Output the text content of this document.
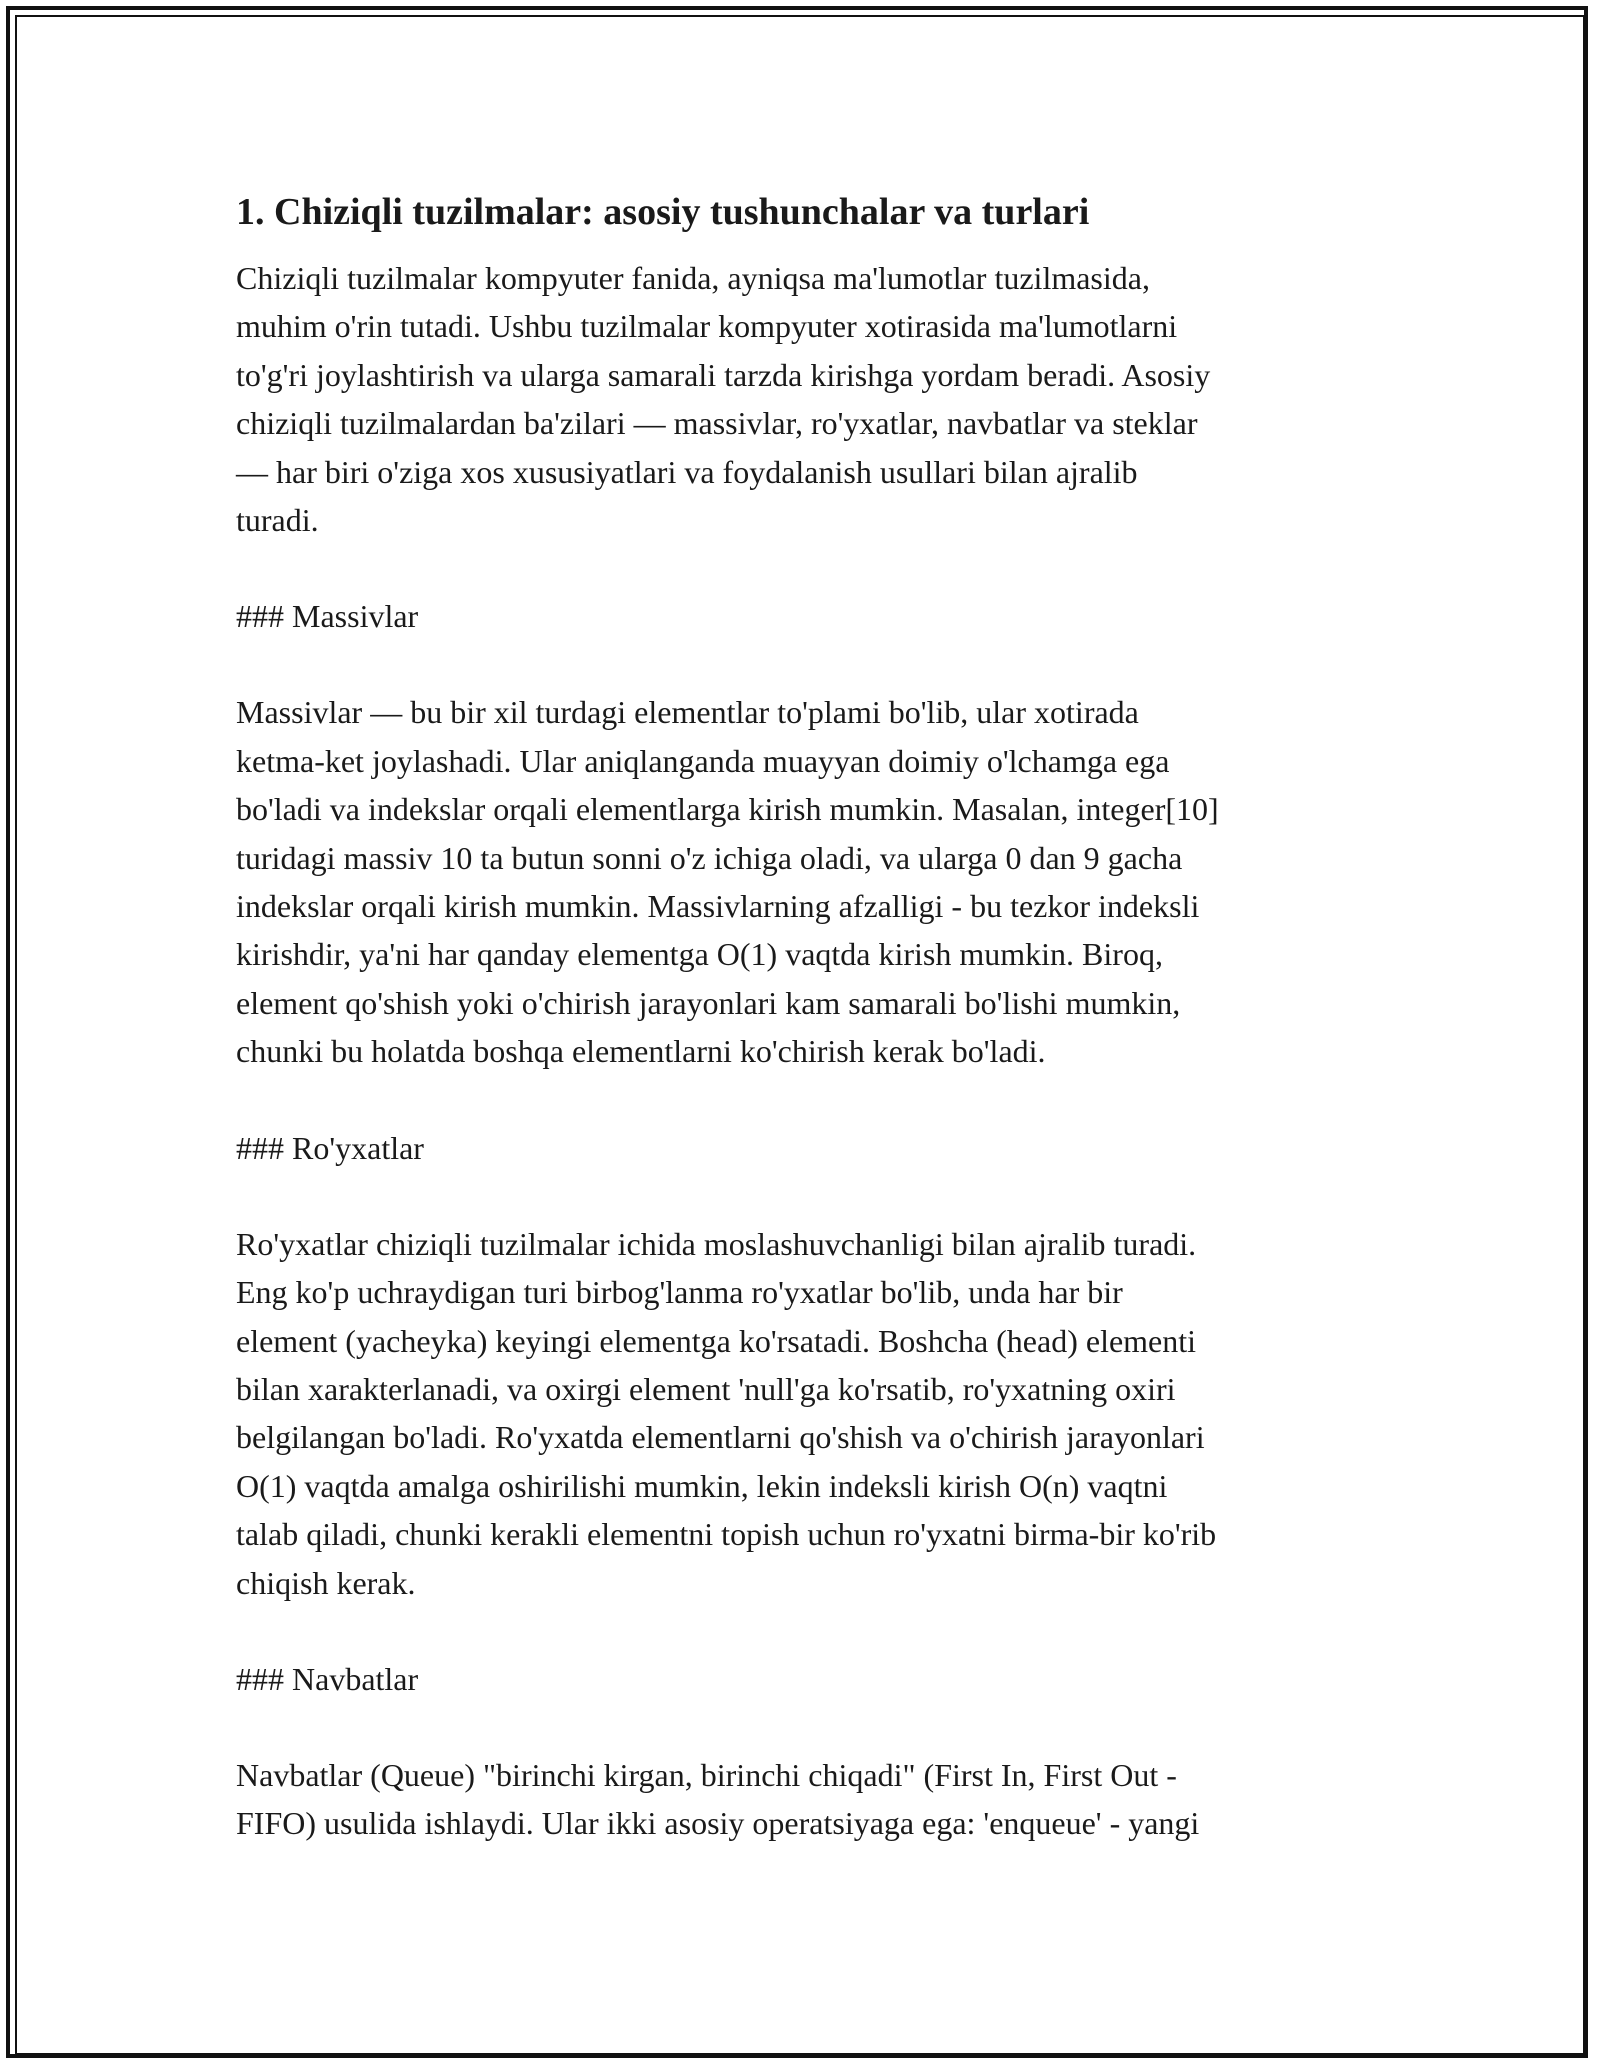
1. Chiziqli tuzilmalar: asosiy tushunchalar va turlari

Chiziqli tuzilmalar kompyuter fanida, ayniqsa ma'lumotlar tuzilmasida,
muhim o'rin tutadi. Ushbu tuzilmalar kompyuter xotirasida ma'lumotlarni
to'g'ri joylashtirish va ularga samarali tarzda kirishga yordam beradi. Asosiy
chiziqli tuzilmalardan ba'zilari — massivlar, ro'yxatlar, navbatlar va steklar
— har biri o'ziga xos xususiyatlari va foydalanish usullari bilan ajralib
turadi.

### Massivlar

Massivlar — bu bir xil turdagi elementlar to'plami bo'lib, ular xotirada
ketma-ket joylashadi. Ular aniqlanganda muayyan doimiy o'lchamga ega
bo'ladi va indekslar orqali elementlarga kirish mumkin. Masalan, integer[10]
turidagi massiv 10 ta butun sonni o'z ichiga oladi, va ularga 0 dan 9 gacha
indekslar orqali kirish mumkin. Massivlarning afzalligi - bu tezkor indeksli
kirishdir, ya'ni har qanday elementga O(1) vaqtda kirish mumkin. Biroq,
element qo'shish yoki o'chirish jarayonlari kam samarali bo'lishi mumkin,
chunki bu holatda boshqa elementlarni ko'chirish kerak bo'ladi.

### Ro'yxatlar

Ro'yxatlar chiziqli tuzilmalar ichida moslashuvchanligi bilan ajralib turadi.
Eng ko'p uchraydigan turi birbog'lanma ro'yxatlar bo'lib, unda har bir
element (yacheyka) keyingi elementga ko'rsatadi. Boshcha (head) elementi
bilan xarakterlanadi, va oxirgi element 'null'ga ko'rsatib, ro'yxatning oxiri
belgilangan bo'ladi. Ro'yxatda elementlarni qo'shish va o'chirish jarayonlari
O(1) vaqtda amalga oshirilishi mumkin, lekin indeksli kirish O(n) vaqtni
talab qiladi, chunki kerakli elementni topish uchun ro'yxatni birma-bir ko'rib
chiqish kerak.

### Navbatlar

Navbatlar (Queue) "birinchi kirgan, birinchi chiqadi" (First In, First Out -
FIFO) usulida ishlaydi. Ular ikki asosiy operatsiyaga ega: 'enqueue' - yangi
